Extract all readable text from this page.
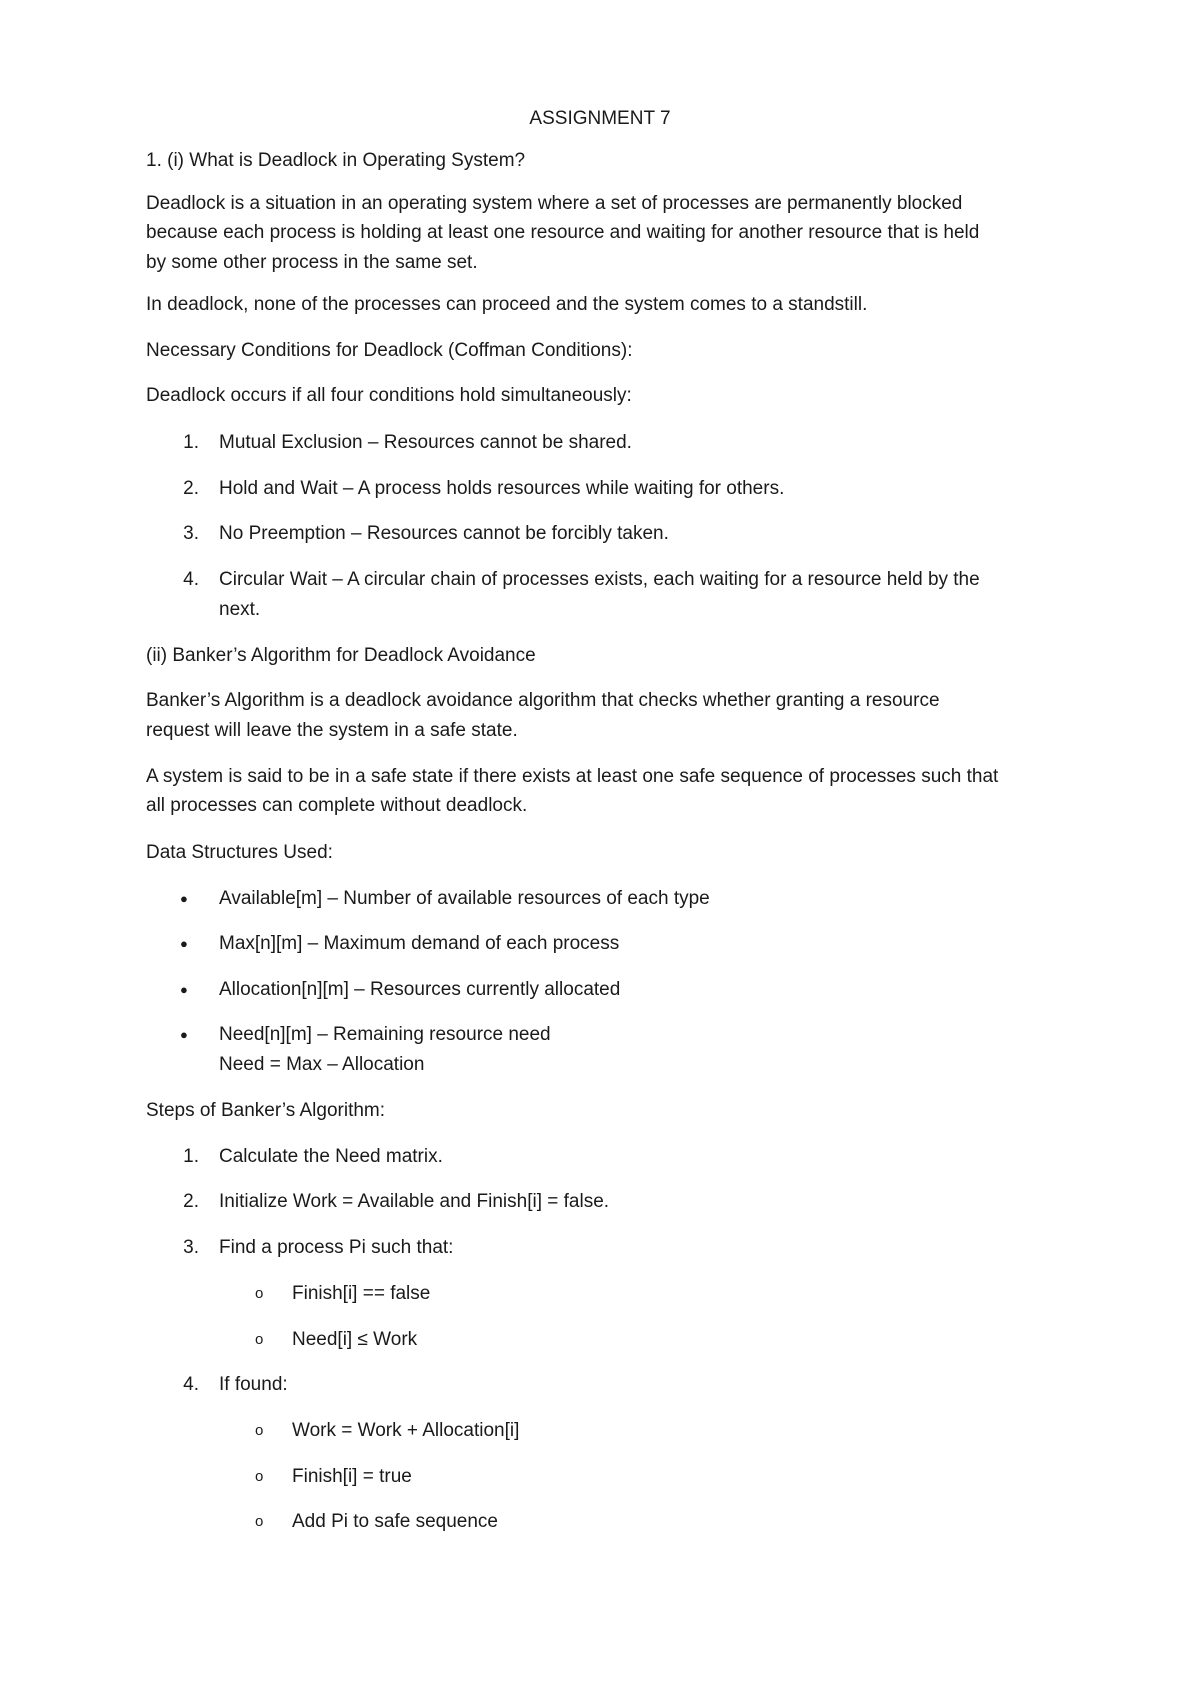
ASSIGNMENT 7

1. (i) What is Deadlock in Operating System?

Deadlock is a situation in an operating system where a set of processes are permanently blocked

because each process is holding at least one resource and waiting for another resource that is held

by some other process in the same set.

In deadlock, none of the processes can proceed and the system comes to a standstill.

Necessary Conditions for Deadlock (Coffman Conditions):

Deadlock occurs if all four conditions hold simultaneously:

1. Mutual Exclusion – Resources cannot be shared.

2. Hold and Wait – A process holds resources while waiting for others.

3. No Preemption – Resources cannot be forcibly taken.

4. Circular Wait – A circular chain of processes exists, each waiting for a resource held by the

next.

(ii) Banker’s Algorithm for Deadlock Avoidance

Banker’s Algorithm is a deadlock avoidance algorithm that checks whether granting a resource

request will leave the system in a safe state.

A system is said to be in a safe state if there exists at least one safe sequence of processes such that

all processes can complete without deadlock.

Data Structures Used:

● Available[m] – Number of available resources of each type

● Max[n][m] – Maximum demand of each process

● Allocation[n][m] – Resources currently allocated

● Need[n][m] – Remaining resource need

Need = Max – Allocation

Steps of Banker’s Algorithm:

1. Calculate the Need matrix.

2. Initialize Work = Available and Finish[i] = false.

3. Find a process Pi such that:

o Finish[i] == false

o Need[i] ≤ Work

4. If found:

o Work = Work + Allocation[i]

o Finish[i] = true

o Add Pi to safe sequence
